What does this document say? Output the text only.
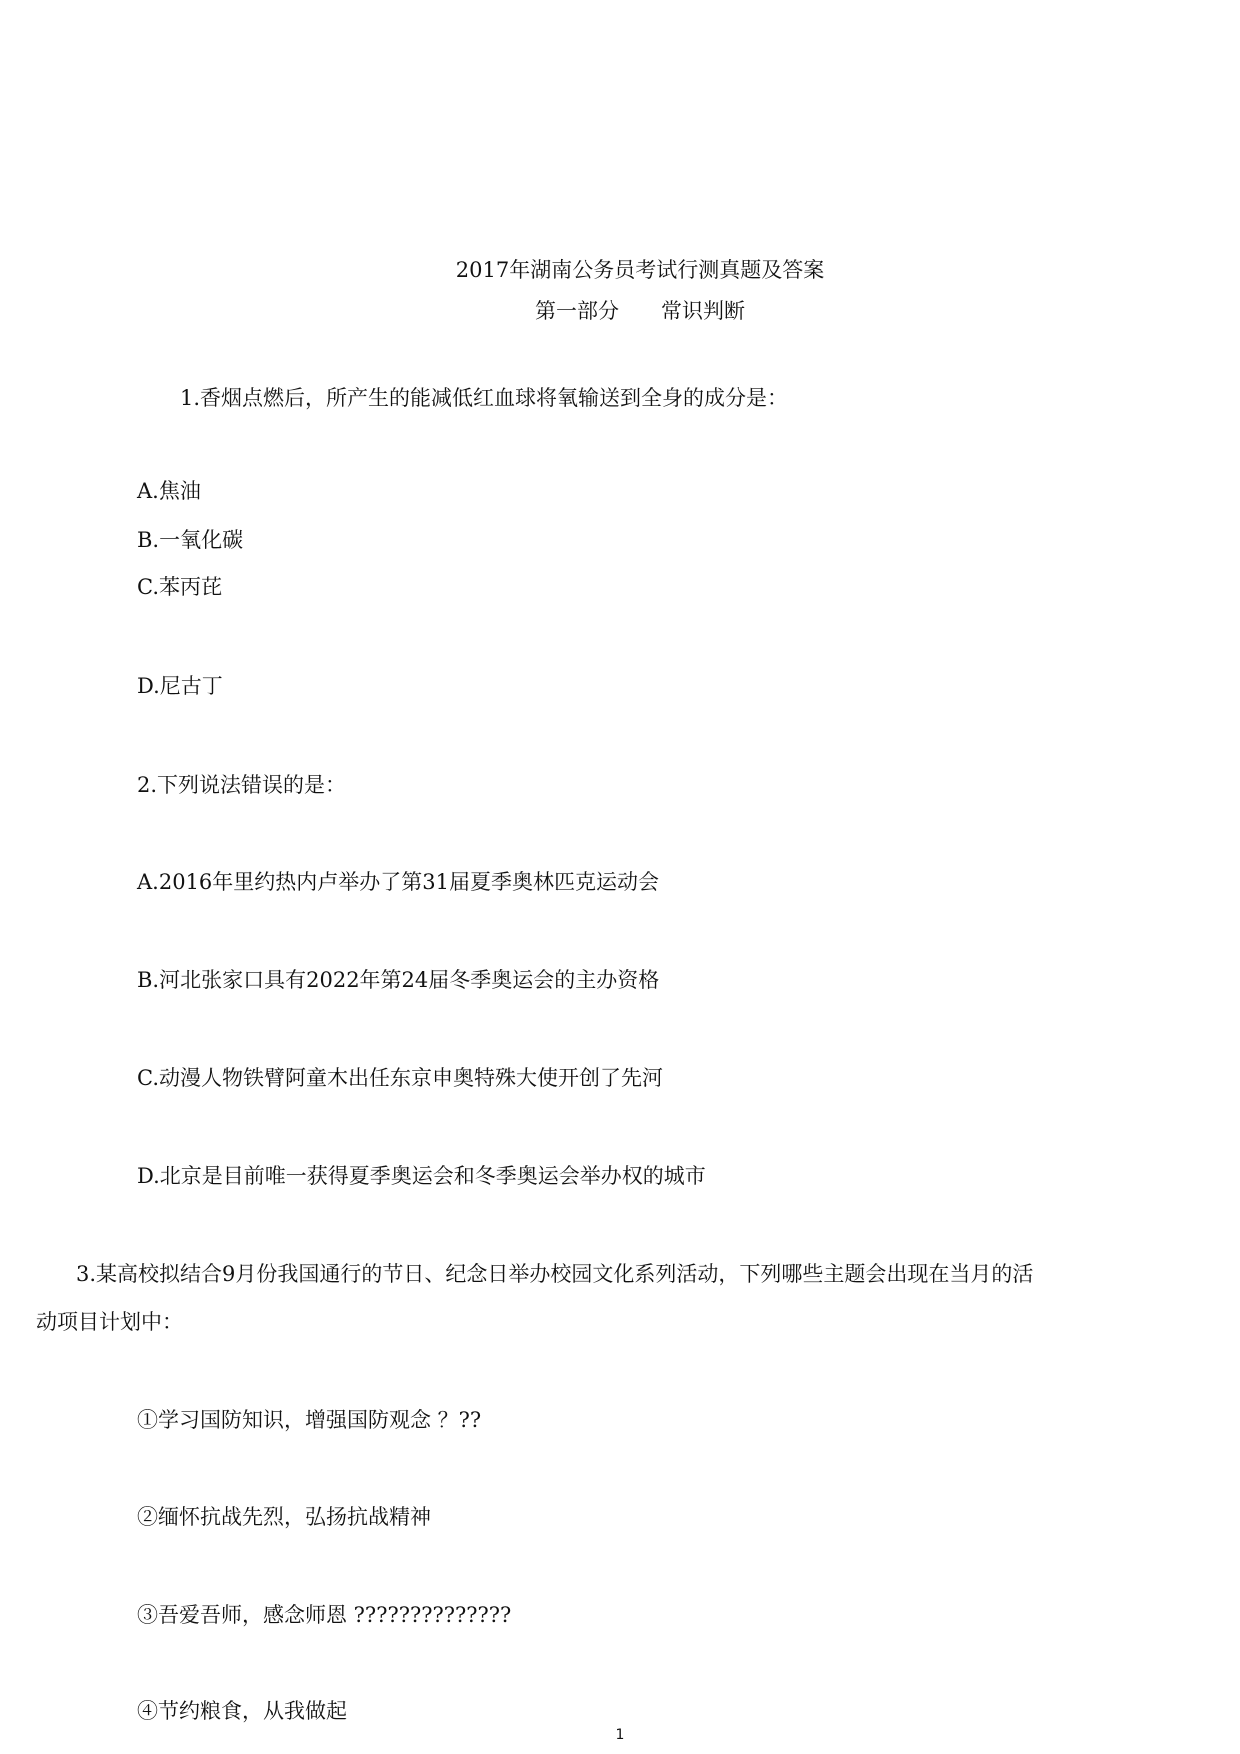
2017年湖南公务员考试行测真题及答案
第一部分　　常识判断
1.香烟点燃后，所产生的能减低红血球将氧输送到全身的成分是：
A.焦油
B.一氧化碳
C.苯丙芘
D.尼古丁
2.下列说法错误的是：
A.2016年里约热内卢举办了第31届夏季奥林匹克运动会
B.河北张家口具有2022年第24届冬季奥运会的主办资格
C.动漫人物铁臂阿童木出任东京申奥特殊大使开创了先河
D.北京是目前唯一获得夏季奥运会和冬季奥运会举办权的城市
3.某高校拟结合9月份我国通行的节日、纪念日举办校园文化系列活动，下列哪些主题会出现在当月的活
动项目计划中：
①学习国防知识，增强国防观念 ？??
②缅怀抗战先烈，弘扬抗战精神
③吾爱吾师，感念师恩 ??????????????
④节约粮食，从我做起
1
